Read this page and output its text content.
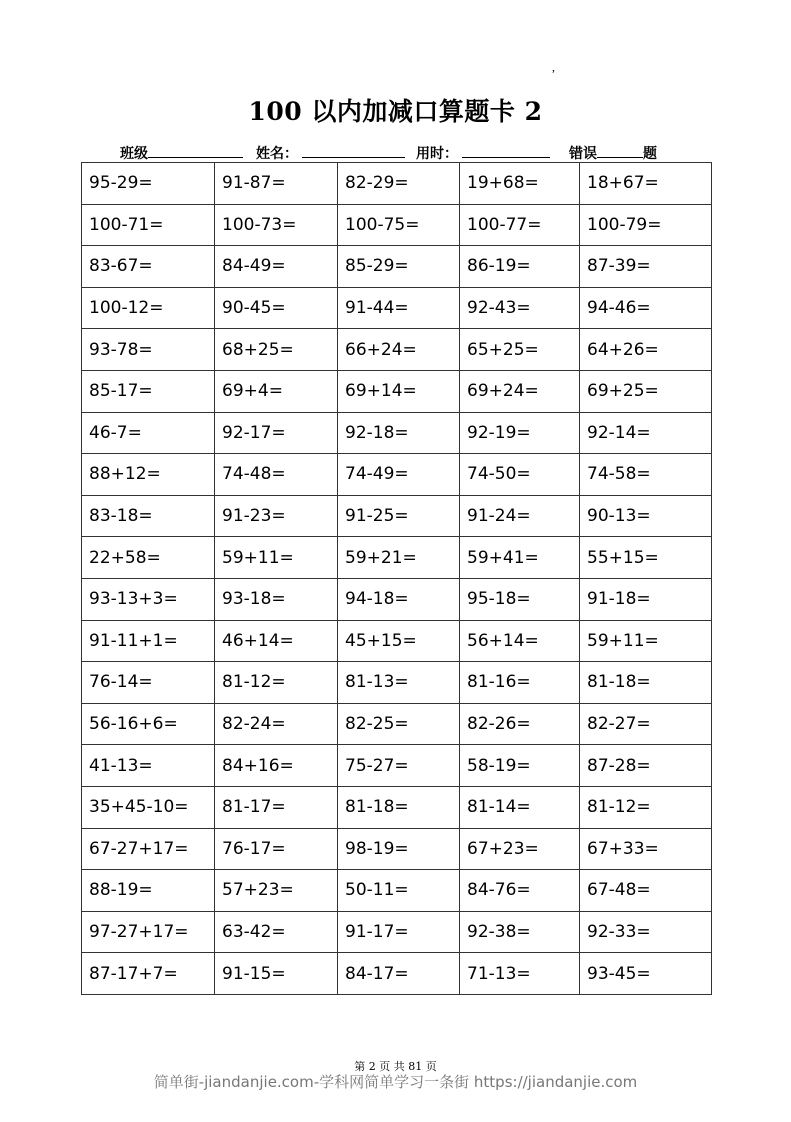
,
100 以内加减口算题卡 2
班级	姓名：	用时：	错误	题
95-29=	91-87=	82-29=	19+68=	18+67=
100-71=	100-73=	100-75=	100-77=	100-79=
83-67=	84-49=	85-29=	86-19=	87-39=
100-12=	90-45=	91-44=	92-43=	94-46=
93-78=	68+25=	66+24=	65+25=	64+26=
85-17=	69+4=	69+14=	69+24=	69+25=
46-7=	92-17=	92-18=	92-19=	92-14=
88+12=	74-48=	74-49=	74-50=	74-58=
83-18=	91-23=	91-25=	91-24=	90-13=
22+58=	59+11=	59+21=	59+41=	55+15=
93-13+3=	93-18=	94-18=	95-18=	91-18=
91-11+1=	46+14=	45+15=	56+14=	59+11=
76-14=	81-12=	81-13=	81-16=	81-18=
56-16+6=	82-24=	82-25=	82-26=	82-27=
41-13=	84+16=	75-27=	58-19=	87-28=
35+45-10=	81-17=	81-18=	81-14=	81-12=
67-27+17=	76-17=	98-19=	67+23=	67+33=
88-19=	57+23=	50-11=	84-76=	67-48=
97-27+17=	63-42=	91-17=	92-38=	92-33=
87-17+7=	91-15=	84-17=	71-13=	93-45=
第 2 页 共 81 页
简单街-jiandanjie.com-学科网简单学习一条街 https://jiandanjie.com
